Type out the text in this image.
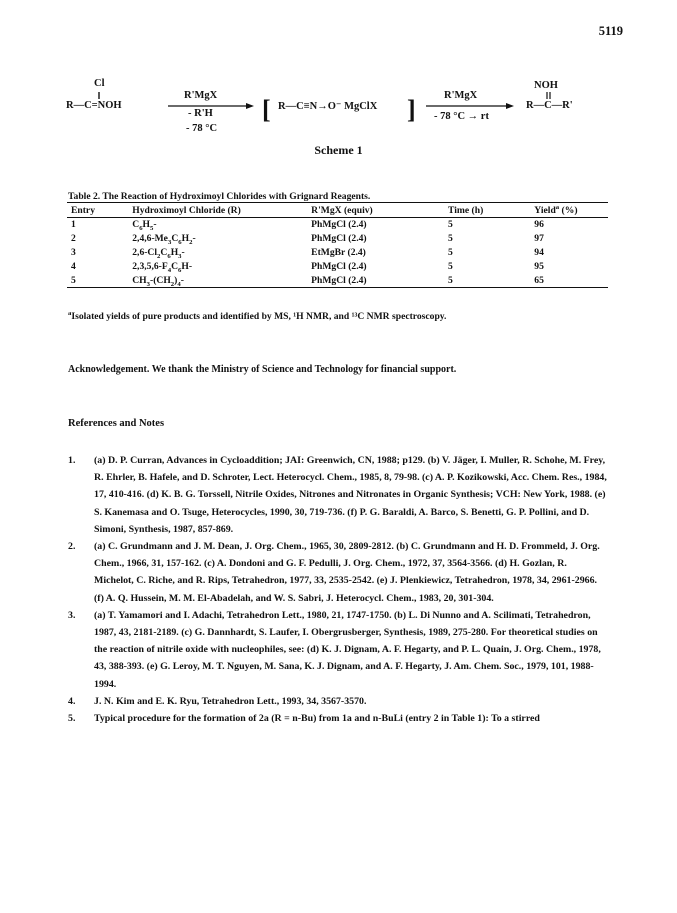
5119
Cl
[	]
R—C=NOH
R'MgX
- R'H
- 78 °C
R—C≡N→O⁻ MgClX
R'MgX
- 78 °C → rt
NOH
R—C—R'
Scheme 1
Table 2. The Reaction of Hydroximoyl Chlorides with Grignard Reagents.
Entry	Hydroximoyl Chloride (R)	R'MgX (equiv)	Time (h)	Yield$^a$ (%)
1	$C_6H_5-$	PhMgCl (2.4)	5	96
2	$2,4,6-Me_3C_6H_2-$	PhMgCl (2.4)	5	97
3	$2,6-Cl_2C_6H_3-$	EtMgBr (2.4)	5	94
4	$2,3,5,6-F_4C_6H-$	PhMgCl (2.4)	5	95
5	$CH_3-(CH_2)_4-$	PhMgCl (2.4)	5	65
$^a$Isolated yields of pure products and identified by MS, ¹H NMR, and ¹³C NMR spectroscopy.
Acknowledgement. We thank the Ministry of Science and Technology for financial support.
References and Notes
1. (a) D. P. Curran, Advances in Cycloaddition; JAI: Greenwich, CN, 1988; p129. (b) V. Jäger, I. Muller, R. Schohe, M. Frey, R. Ehrler, B. Hafele, and D. Schroter, Lect. Heterocycl. Chem., 1985, 8, 79-98. (c) A. P. Kozikowski, Acc. Chem. Res., 1984, 17, 410-416. (d) K. B. G. Torssell, Nitrile Oxides, Nitrones and Nitronates in Organic Synthesis; VCH: New York, 1988. (e) S. Kanemasa and O. Tsuge, Heterocycles, 1990, 30, 719-736. (f) P. G. Baraldi, A. Barco, S. Benetti, G. P. Pollini, and D. Simoni, Synthesis, 1987, 857-869.
2. (a) C. Grundmann and J. M. Dean, J. Org. Chem., 1965, 30, 2809-2812. (b) C. Grundmann and H. D. Frommeld, J. Org. Chem., 1966, 31, 157-162. (c) A. Dondoni and G. F. Pedulli, J. Org. Chem., 1972, 37, 3564-3566. (d) H. Gozlan, R. Michelot, C. Riche, and R. Rips, Tetrahedron, 1977, 33, 2535-2542. (e) J. Plenkiewicz, Tetrahedron, 1978, 34, 2961-2966. (f) A. Q. Hussein, M. M. El-Abadelah, and W. S. Sabri, J. Heterocycl. Chem., 1983, 20, 301-304.
3. (a) T. Yamamori and I. Adachi, Tetrahedron Lett., 1980, 21, 1747-1750. (b) L. Di Nunno and A. Scilimati, Tetrahedron, 1987, 43, 2181-2189. (c) G. Dannhardt, S. Laufer, I. Obergrusberger, Synthesis, 1989, 275-280. For theoretical studies on the reaction of nitrile oxide with nucleophiles, see: (d) K. J. Dignam, A. F. Hegarty, and P. L. Quain, J. Org. Chem., 1978, 43, 388-393. (e) G. Leroy, M. T. Nguyen, M. Sana, K. J. Dignam, and A. F. Hegarty, J. Am. Chem. Soc., 1979, 101, 1988-1994.
4. J. N. Kim and E. K. Ryu, Tetrahedron Lett., 1993, 34, 3567-3570.
5. Typical procedure for the formation of 2a (R = n-Bu) from 1a and n-BuLi (entry 2 in Table 1): To a stirred
